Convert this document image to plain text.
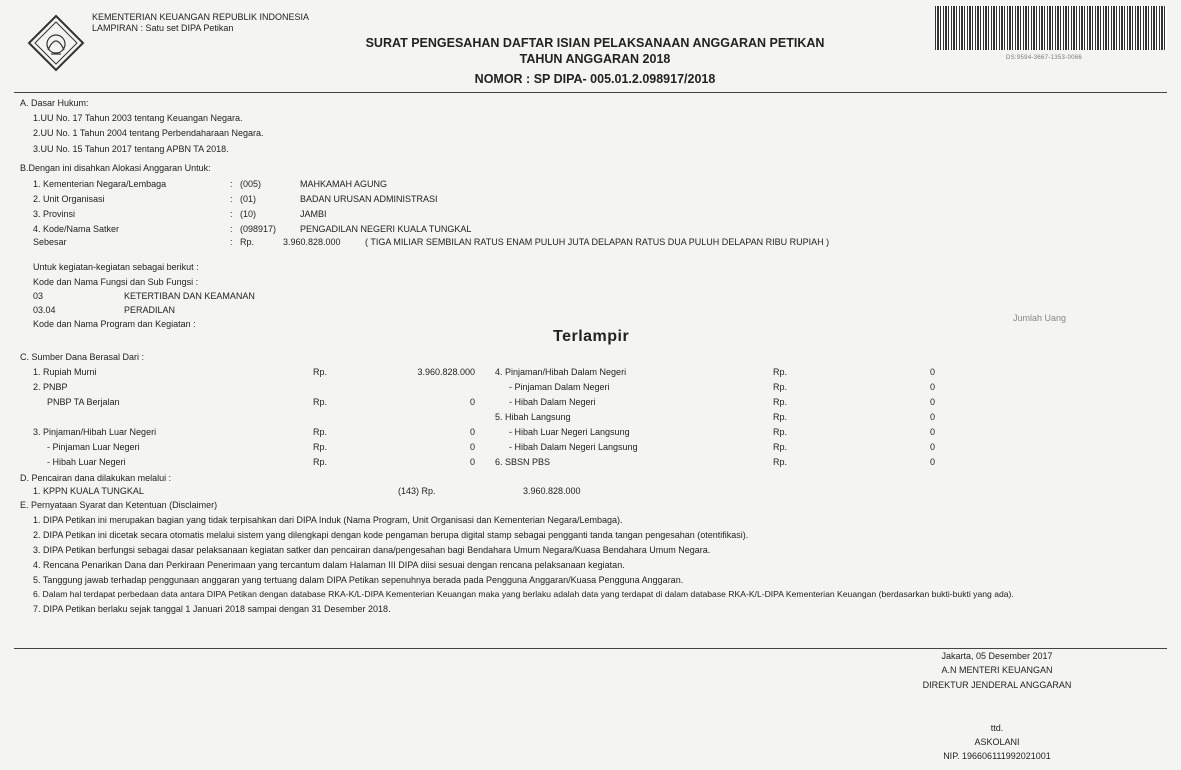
KEMENTERIAN KEUANGAN REPUBLIK INDONESIA
LAMPIRAN : Satu set DIPA Petikan
SURAT PENGESAHAN DAFTAR ISIAN PELAKSANAAN ANGGARAN PETIKAN
TAHUN ANGGARAN 2018
NOMOR : SP DIPA- 005.01.2.098917/2018
DS:9594-3667-1353-0066
A. Dasar Hukum:
1.UU No. 17 Tahun 2003 tentang Keuangan Negara.
2.UU No. 1 Tahun 2004 tentang Perbendaharaan Negara.
3.UU No. 15 Tahun 2017 tentang APBN TA 2018.
B.Dengan ini disahkan Alokasi Anggaran Untuk:
1. Kementerian Negara/Lembaga	: (005)	MAHKAMAH AGUNG
2. Unit Organisasi	: (01)	BADAN URUSAN ADMINISTRASI
3. Provinsi	: (10)	JAMBI
4. Kode/Nama Satker	: (098917)	PENGADILAN NEGERI KUALA TUNGKAL
Sebesar	: Rp.	3.960.828.000	( TIGA MILIAR SEMBILAN RATUS ENAM PULUH JUTA DELAPAN RATUS DUA PULUH DELAPAN RIBU RUPIAH )
Untuk kegiatan-kegiatan sebagai berikut :
Kode dan Nama Fungsi dan Sub Fungsi :
03	KETERTIBAN DAN KEAMANAN
03.04	PERADILAN
Kode dan Nama Program dan Kegiatan :
Jumlah Uang
Terlampir
C. Sumber Dana Berasal Dari :
1. Rupiah Murni	Rp.	3.960.828.000
2. PNBP
PNBP TA Berjalan	Rp.	0
3. Pinjaman/Hibah Luar Negeri	Rp.	0
- Pinjaman Luar Negeri	Rp.	0
- Hibah Luar Negeri	Rp.	0
4. Pinjaman/Hibah Dalam Negeri	Rp.	0
- Pinjaman Dalam Negeri	Rp.	0
- Hibah Dalam Negeri	Rp.	0
5. Hibah Langsung	Rp.	0
- Hibah Luar Negeri Langsung	Rp.	0
- Hibah Dalam Negeri Langsung	Rp.	0
6. SBSN PBS	Rp.	0
D. Pencairan dana dilakukan melalui :
1. KPPN KUALA TUNGKAL	(143) Rp.	3.960.828.000
E. Pernyataan Syarat dan Ketentuan (Disclaimer)
1. DIPA Petikan ini merupakan bagian yang tidak terpisahkan dari DIPA Induk (Nama Program, Unit Organisasi dan Kementerian Negara/Lembaga).
2. DIPA Petikan ini dicetak secara otomatis melalui sistem yang dilengkapi dengan kode pengaman berupa digital stamp sebagai pengganti tanda tangan pengesahan (otentifikasi).
3. DIPA Petikan berfungsi sebagai dasar pelaksanaan kegiatan satker dan pencairan dana/pengesahan bagi Bendahara Umum Negara/Kuasa Bendahara Umum Negara.
4. Rencana Penarikan Dana dan Perkiraan Penerimaan yang tercantum dalam Halaman III DIPA diisi sesuai dengan rencana pelaksanaan kegiatan.
5. Tanggung jawab terhadap penggunaan anggaran yang tertuang dalam DIPA Petikan sepenuhnya berada pada Pengguna Anggaran/Kuasa Pengguna Anggaran.
6. Dalam hal terdapat perbedaan data antara DIPA Petikan dengan database RKA-K/L-DIPA Kementerian Keuangan maka yang berlaku adalah data yang terdapat di dalam database RKA-K/L-DIPA Kementerian Keuangan (berdasarkan bukti-bukti yang ada).
7. DIPA Petikan berlaku sejak tanggal 1 Januari 2018 sampai dengan 31 Desember 2018.
Jakarta, 05 Desember 2017
A.N MENTERI KEUANGAN
DIREKTUR JENDERAL ANGGARAN
ttd.
ASKOLANI
NIP. 196606111992021001
